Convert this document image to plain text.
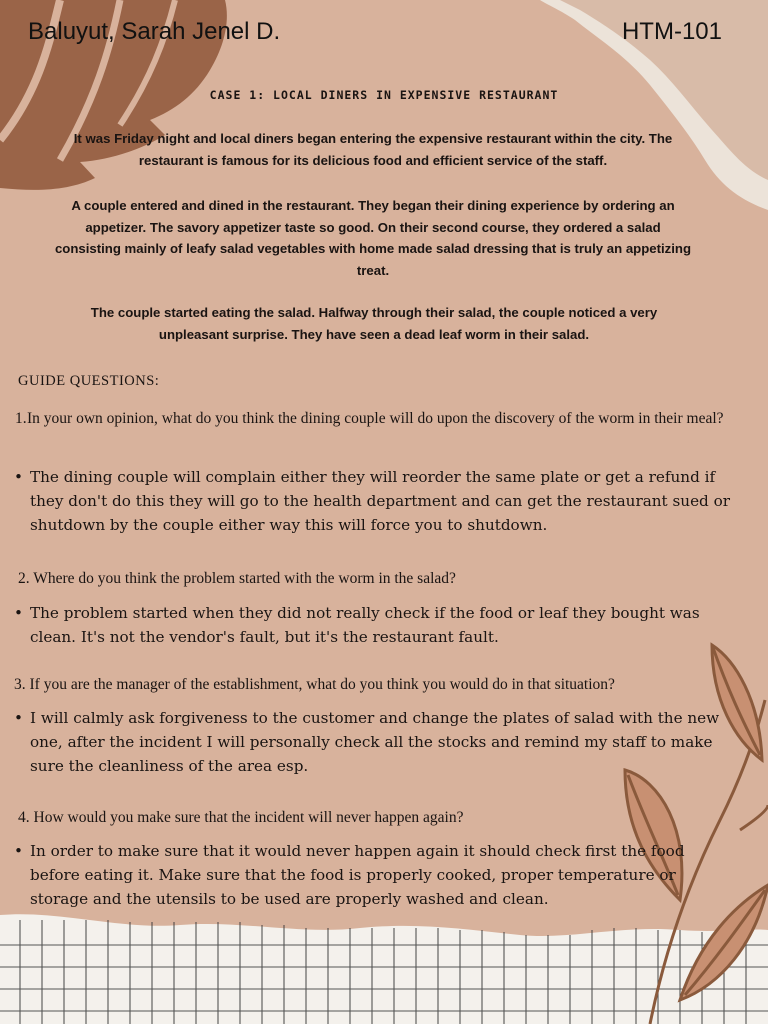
Baluyut, Sarah Jenel D.	HTM-101
CASE 1: LOCAL DINERS IN EXPENSIVE RESTAURANT
It was Friday night and local diners began entering the expensive restaurant within the city. The restaurant is famous for its delicious food and efficient service of the staff.
A couple entered and dined in the restaurant. They began their dining experience by ordering an appetizer. The savory appetizer taste so good. On their second course, they ordered a salad consisting mainly of leafy salad vegetables with home made salad dressing that is truly an appetizing treat.
The couple started eating the salad. Halfway through their salad, the couple noticed a very unpleasant surprise. They have seen a dead leaf worm in their salad.
GUIDE QUESTIONS:
1. In your own opinion, what do you think the dining couple will do upon the discovery of the worm in their meal?
• The dining couple will complain either they will reorder the same plate or get a refund if they don't do this they will go to the health department and can get the restaurant sued or shutdown by the couple either way this will force you to shutdown.
2. Where do you think the problem started with the worm in the salad?
• The problem started when they did not really check if the food or leaf they bought was clean. It's not the vendor's fault, but it's the restaurant fault.
3. If you are the manager of the establishment, what do you think you would do in that situation?
• I will calmly ask forgiveness to the customer and change the plates of salad with the new one, after the incident I will personally check all the stocks and remind my staff to make sure the cleanliness of the area esp.
4. How would you make sure that the incident will never happen again?
• In order to make sure that it would never happen again it should check first the food before eating it. Make sure that the food is properly cooked, proper temperature or storage and the utensils to be used are properly washed and clean.
